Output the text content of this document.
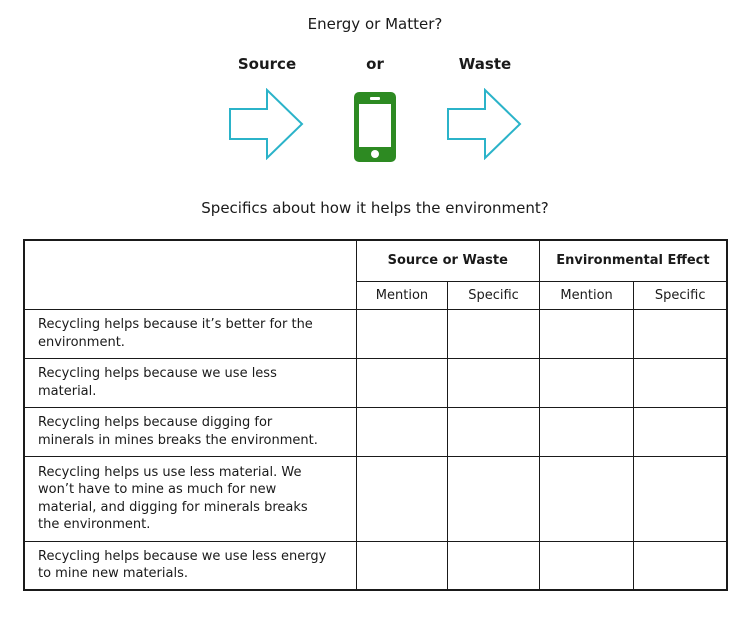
Energy or Matter?
Source	or	Waste
Specifics about how it helps the environment?
	Source or Waste		Environmental Effect	
	Mention	Specific	Mention	Specific

Recycling helps because it’s better for the
environment.				

Recycling helps because we use less
material.				

Recycling helps because digging for
minerals in mines breaks the environment.				

Recycling helps us use less material. We
won’t have to mine as much for new
material, and digging for minerals breaks
the environment.				

Recycling helps because we use less energy
to mine new materials.				
